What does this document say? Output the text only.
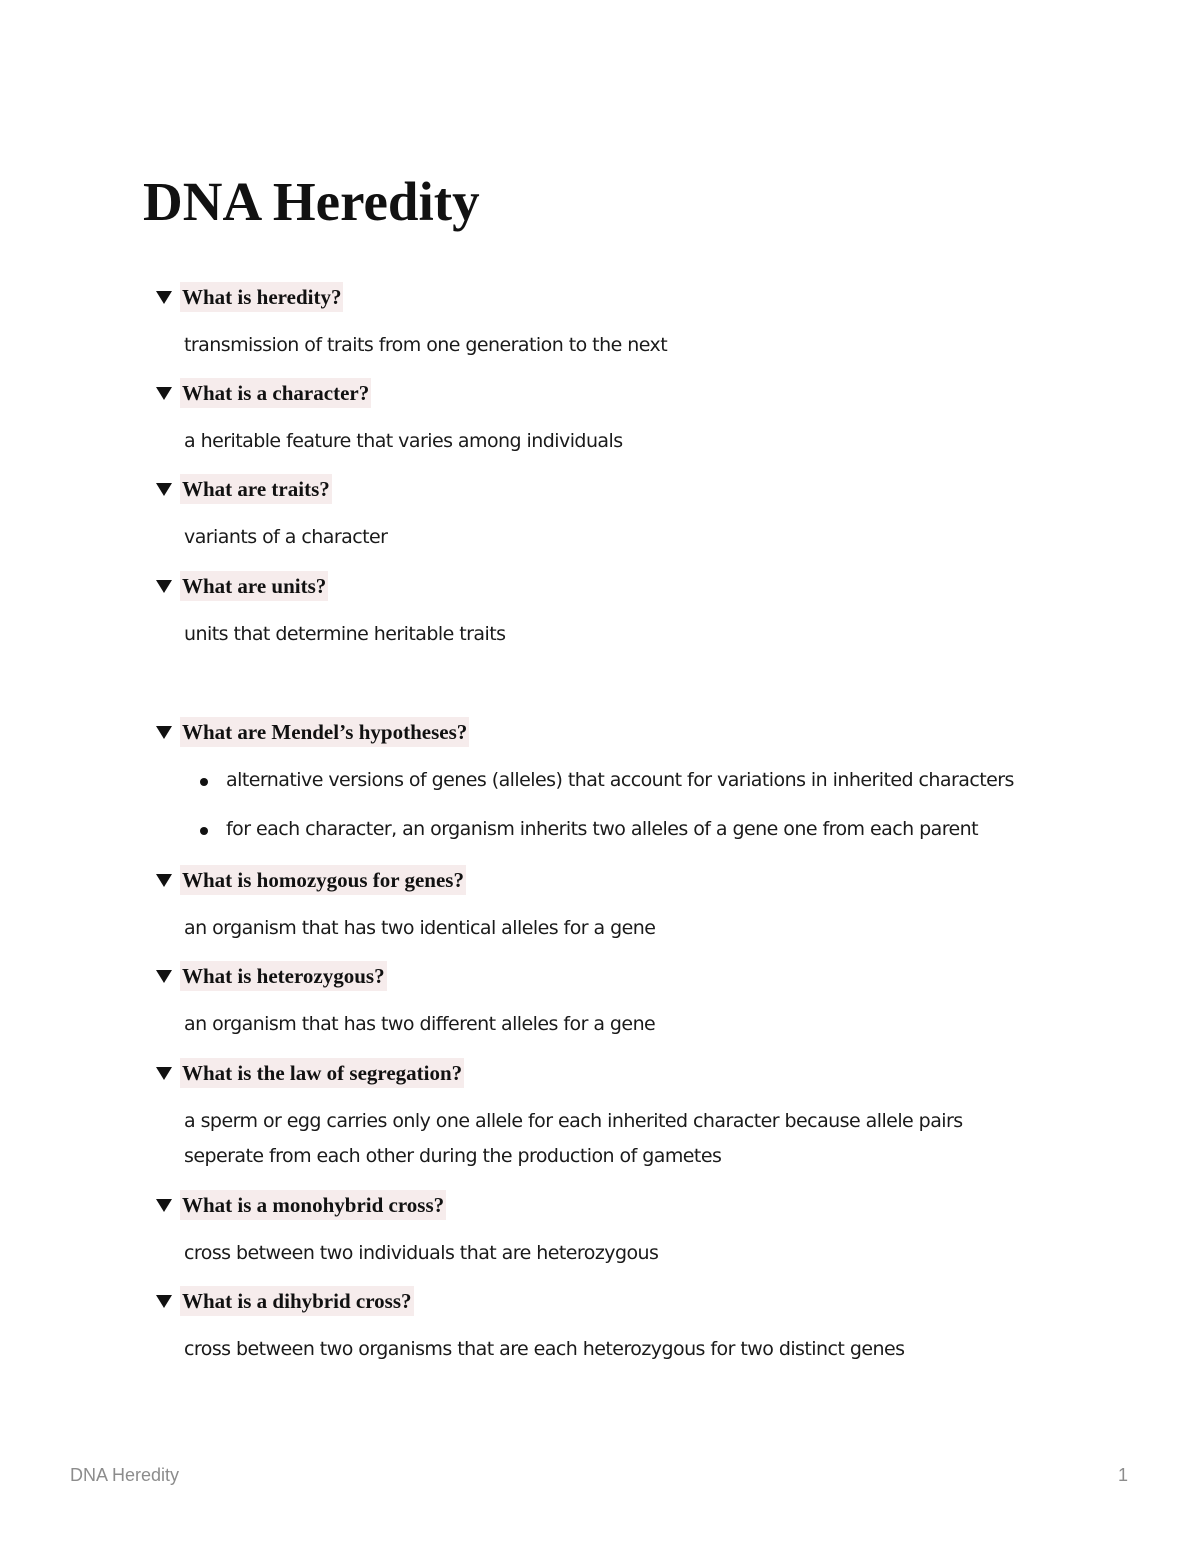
DNA Heredity
What is heredity?
transmission of traits from one generation to the next
What is a character?
a heritable feature that varies among individuals
What are traits?
variants of a character
What are units?
units that determine heritable traits
What are Mendel’s hypotheses?
alternative versions of genes (alleles) that account for variations in inherited characters
for each character, an organism inherits two alleles of a gene one from each parent
What is homozygous for genes?
an organism that has two identical alleles for a gene
What is heterozygous?
an organism that has two different alleles for a gene
What is the law of segregation?
a sperm or egg carries only one allele for each inherited character because allele pairs
seperate from each other during the production of gametes
What is a monohybrid cross?
cross between two individuals that are heterozygous
What is a dihybrid cross?
cross between two organisms that are each heterozygous for two distinct genes
DNA Heredity	1
